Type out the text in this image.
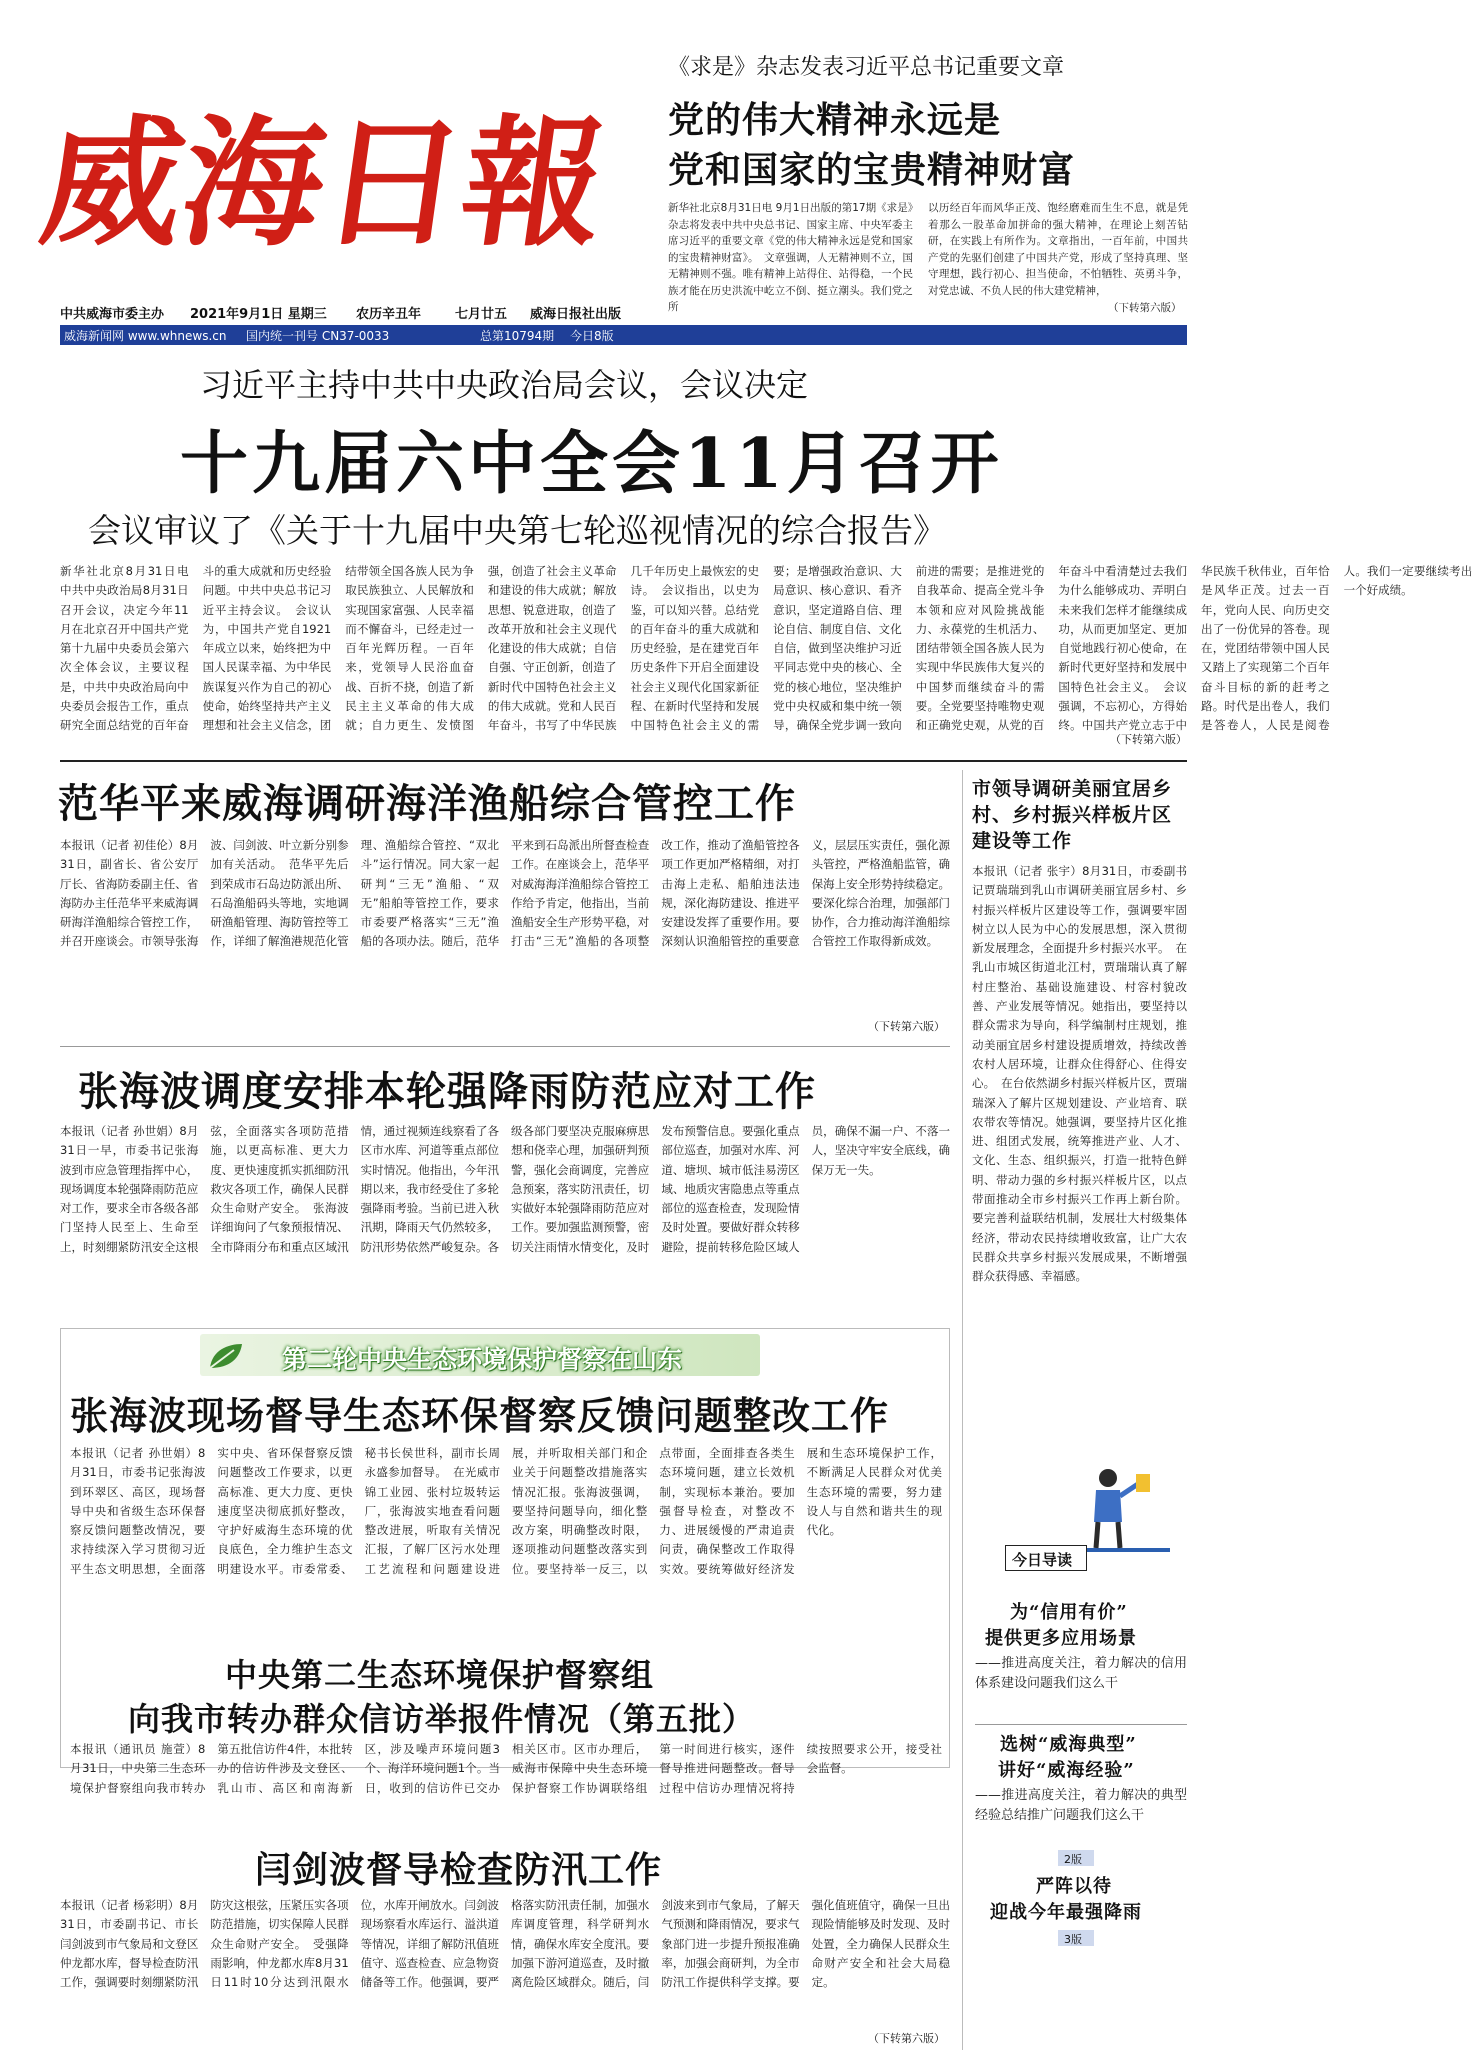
威海日報
中共威海市委主办 2021年9月1日 星期三 农历辛丑年	七月廿五 威海日报社出版
威海新闻网 www.whnews.cn 国内统一刊号 CN37-0033	总第10794期 今日8版
《求是》杂志发表习近平总书记重要文章
党的伟大精神永远是
党和国家的宝贵精神财富
新华社北京8月31日电 9月1日出版的第17期《求是》杂志将发表中共中央总书记、国家主席、中央军委主席习近平的重要文章《党的伟大精神永远是党和国家的宝贵精神财富》。　文章强调，人无精神则不立，国无精神则不强。唯有精神上站得住、站得稳，一个民族才能在历史洪流中屹立不倒、挺立潮头。我们党之所
以历经百年而风华正茂、饱经磨难而生生不息，就是凭着那么一股革命加拼命的强大精神，在理论上刻苦钻研，在实践上有所作为。文章指出，一百年前，中国共产党的先驱们创建了中国共产党，形成了坚持真理、坚守理想，践行初心、担当使命，不怕牺牲、英勇斗争，对党忠诚、不负人民的伟大建党精神，
（下转第六版）
习近平主持中共中央政治局会议，会议决定
十九届六中全会11月召开
会议审议了《关于十九届中央第七轮巡视情况的综合报告》
新华社北京8月31日电 中共中央政治局8月31日召开会议，决定今年11月在北京召开中国共产党第十九届中央委员会第六次全体会议，主要议程是，中共中央政治局向中央委员会报告工作，重点研究全面总结党的百年奋斗的重大成就和历史经验问题。中共中央总书记习近平主持会议。　会议认为，中国共产党自1921年成立以来，始终把为中国人民谋幸福、为中华民族谋复兴作为自己的初心使命，始终坚持共产主义理想和社会主义信念，团结带领全国各族人民为争取民族独立、人民解放和实现国家富强、人民幸福而不懈奋斗，已经走过一百年光辉历程。一百年来，党领导人民浴血奋战、百折不挠，创造了新民主主义革命的伟大成就；自力更生、发愤图强，创造了社会主义革命和建设的伟大成就；解放思想、锐意进取，创造了改革开放和社会主义现代化建设的伟大成就；自信自强、守正创新，创造了新时代中国特色社会主义的伟大成就。党和人民百年奋斗，书写了中华民族几千年历史上最恢宏的史诗。　会议指出，以史为鉴，可以知兴替。总结党的百年奋斗的重大成就和历史经验，是在建党百年历史条件下开启全面建设社会主义现代化国家新征程、在新时代坚持和发展中国特色社会主义的需要；是增强政治意识、大局意识、核心意识、看齐意识，坚定道路自信、理论自信、制度自信、文化自信，做到坚决维护习近平同志党中央的核心、全党的核心地位，坚决维护党中央权威和集中统一领导，确保全党步调一致向前进的需要；是推进党的自我革命、提高全党斗争本领和应对风险挑战能力、永葆党的生机活力、团结带领全国各族人民为实现中华民族伟大复兴的中国梦而继续奋斗的需要。全党要坚持唯物史观和正确党史观，从党的百年奋斗中看清楚过去我们为什么能够成功、弄明白未来我们怎样才能继续成功，从而更加坚定、更加自觉地践行初心使命，在新时代更好坚持和发展中国特色社会主义。　会议强调，不忘初心，方得始终。中国共产党立志于中华民族千秋伟业，百年恰是风华正茂。过去一百年，党向人民、向历史交出了一份优异的答卷。现在，党团结带领中国人民又踏上了实现第二个百年奋斗目标的新的赶考之路。时代是出卷人，我们是答卷人，人民是阅卷人。我们一定要继续考出一个好成绩。
（下转第六版）
范华平来威海调研海洋渔船综合管控工作
本报讯（记者 初佳伦）8月31日，副省长、省公安厅厅长、省海防委副主任、省海防办主任范华平来威海调研海洋渔船综合管控工作，并召开座谈会。市领导张海波、闫剑波、叶立新分别参加有关活动。　范华平先后到荣成市石岛边防派出所、石岛渔船码头等地，实地调研渔船管理、海防管控等工作，详细了解渔港规范化管理、渔船综合管控、“双北斗”运行情况。同大家一起研判“三无”渔船、“双无”船舶等管控工作，要求市委要严格落实“三无”渔船的各项办法。随后，范华平来到石岛派出所督查检查工作。在座谈会上，范华平对威海海洋渔船综合管控工作给予肯定，他指出，当前渔船安全生产形势平稳，对打击“三无”渔船的各项整改工作，推动了渔船管控各项工作更加严格精细，对打击海上走私、船舶违法违规，深化海防建设、推进平安建设发挥了重要作用。要深刻认识渔船管控的重要意义，层层压实责任，强化源头管控，严格渔船监管，确保海上安全形势持续稳定。要深化综合治理，加强部门协作，合力推动海洋渔船综合管控工作取得新成效。
（下转第六版）
张海波调度安排本轮强降雨防范应对工作
本报讯（记者 孙世娟）8月31日一早，市委书记张海波到市应急管理指挥中心，现场调度本轮强降雨防范应对工作，要求全市各级各部门坚持人民至上、生命至上，时刻绷紧防汛安全这根弦，全面落实各项防范措施，以更高标准、更大力度、更快速度抓实抓细防汛救灾各项工作，确保人民群众生命财产安全。　张海波详细询问了气象预报情况、全市降雨分布和重点区域汛情，通过视频连线察看了各区市水库、河道等重点部位实时情况。他指出，今年汛期以来，我市经受住了多轮强降雨考验。当前已进入秋汛期，降雨天气仍然较多，防汛形势依然严峻复杂。各级各部门要坚决克服麻痹思想和侥幸心理，加强研判预警，强化会商调度，完善应急预案，落实防汛责任，切实做好本轮强降雨防范应对工作。要加强监测预警，密切关注雨情水情变化，及时发布预警信息。要强化重点部位巡查，加强对水库、河道、塘坝、城市低洼易涝区域、地质灾害隐患点等重点部位的巡查检查，发现险情及时处置。要做好群众转移避险，提前转移危险区域人员，确保不漏一户、不落一人，坚决守牢安全底线，确保万无一失。
市领导调研美丽宜居乡村、乡村振兴样板片区建设等工作
本报讯（记者 张宇）8月31日，市委副书记贾瑞瑞到乳山市调研美丽宜居乡村、乡村振兴样板片区建设等工作，强调要牢固树立以人民为中心的发展思想，深入贯彻新发展理念，全面提升乡村振兴水平。　在乳山市城区街道北江村，贾瑞瑞认真了解村庄整治、基础设施建设、村容村貌改善、产业发展等情况。她指出，要坚持以群众需求为导向，科学编制村庄规划，推动美丽宜居乡村建设提质增效，持续改善农村人居环境，让群众住得舒心、住得安心。　在台依然湖乡村振兴样板片区，贾瑞瑞深入了解片区规划建设、产业培育、联农带农等情况。她强调，要坚持片区化推进、组团式发展，统筹推进产业、人才、文化、生态、组织振兴，打造一批特色鲜明、带动力强的乡村振兴样板片区，以点带面推动全市乡村振兴工作再上新台阶。要完善利益联结机制，发展壮大村级集体经济，带动农民持续增收致富，让广大农民群众共享乡村振兴发展成果，不断增强群众获得感、幸福感。
第二轮中央生态环境保护督察在山东
张海波现场督导生态环保督察反馈问题整改工作
本报讯（记者 孙世娟）8月31日，市委书记张海波到环翠区、高区，现场督导中央和省级生态环保督察反馈问题整改情况，要求持续深入学习贯彻习近平生态文明思想，全面落实中央、省环保督察反馈问题整改工作要求，以更高标准、更大力度、更快速度坚决彻底抓好整改，守护好威海生态环境的优良底色，全力维护生态文明建设水平。市委常委、秘书长侯世科，副市长周永盛参加督导。　在光威市锦工业园、张村垃圾转运厂，张海波实地查看问题整改进展，听取有关情况汇报，了解厂区污水处理工艺流程和问题建设进展，并听取相关部门和企业关于问题整改措施落实情况汇报。张海波强调，要坚持问题导向，细化整改方案，明确整改时限，逐项推动问题整改落实到位。要坚持举一反三，以点带面，全面排查各类生态环境问题，建立长效机制，实现标本兼治。要加强督导检查，对整改不力、进展缓慢的严肃追责问责，确保整改工作取得实效。要统筹做好经济发展和生态环境保护工作，不断满足人民群众对优美生态环境的需要，努力建设人与自然和谐共生的现代化。
中央第二生态环境保护督察组
向我市转办群众信访举报件情况（第五批）
本报讯（通讯员 施萱）8月31日，中央第二生态环境保护督察组向我市转办第五批信访件4件，本批转办的信访件涉及文登区、乳山市、高区和南海新区，涉及噪声环境问题3个、海洋环境问题1个。当日，收到的信访件已交办相关区市。区市办理后，威海市保障中央生态环境保护督察工作协调联络组第一时间进行核实，逐件督导推进问题整改。督导过程中信访办理情况将持续按照要求公开，接受社会监督。
闫剑波督导检查防汛工作
本报讯（记者 杨彩明）8月31日，市委副书记、市长闫剑波到市气象局和文登区仲龙都水库，督导检查防汛工作，强调要时刻绷紧防汛防灾这根弦，压紧压实各项防范措施，切实保障人民群众生命财产安全。　受强降雨影响，仲龙都水库8月31日11时10分达到汛限水位，水库开闸放水。闫剑波现场察看水库运行、溢洪道等情况，详细了解防汛值班值守、巡查检查、应急物资储备等工作。他强调，要严格落实防汛责任制，加强水库调度管理，科学研判水情，确保水库安全度汛。要加强下游河道巡查，及时撤离危险区域群众。随后，闫剑波来到市气象局，了解天气预测和降雨情况，要求气象部门进一步提升预报准确率，加强会商研判，为全市防汛工作提供科学支撑。要强化值班值守，确保一旦出现险情能够及时发现、及时处置，全力确保人民群众生命财产安全和社会大局稳定。
（下转第六版）
今日导读
为“信用有价”
提供更多应用场景
——推进高度关注，着力解决的信用体系建设问题我们这么干
选树“威海典型”
讲好“威海经验”
——推进高度关注，着力解决的典型经验总结推广问题我们这么干
2版
严阵以待
迎战今年最强降雨
3版
